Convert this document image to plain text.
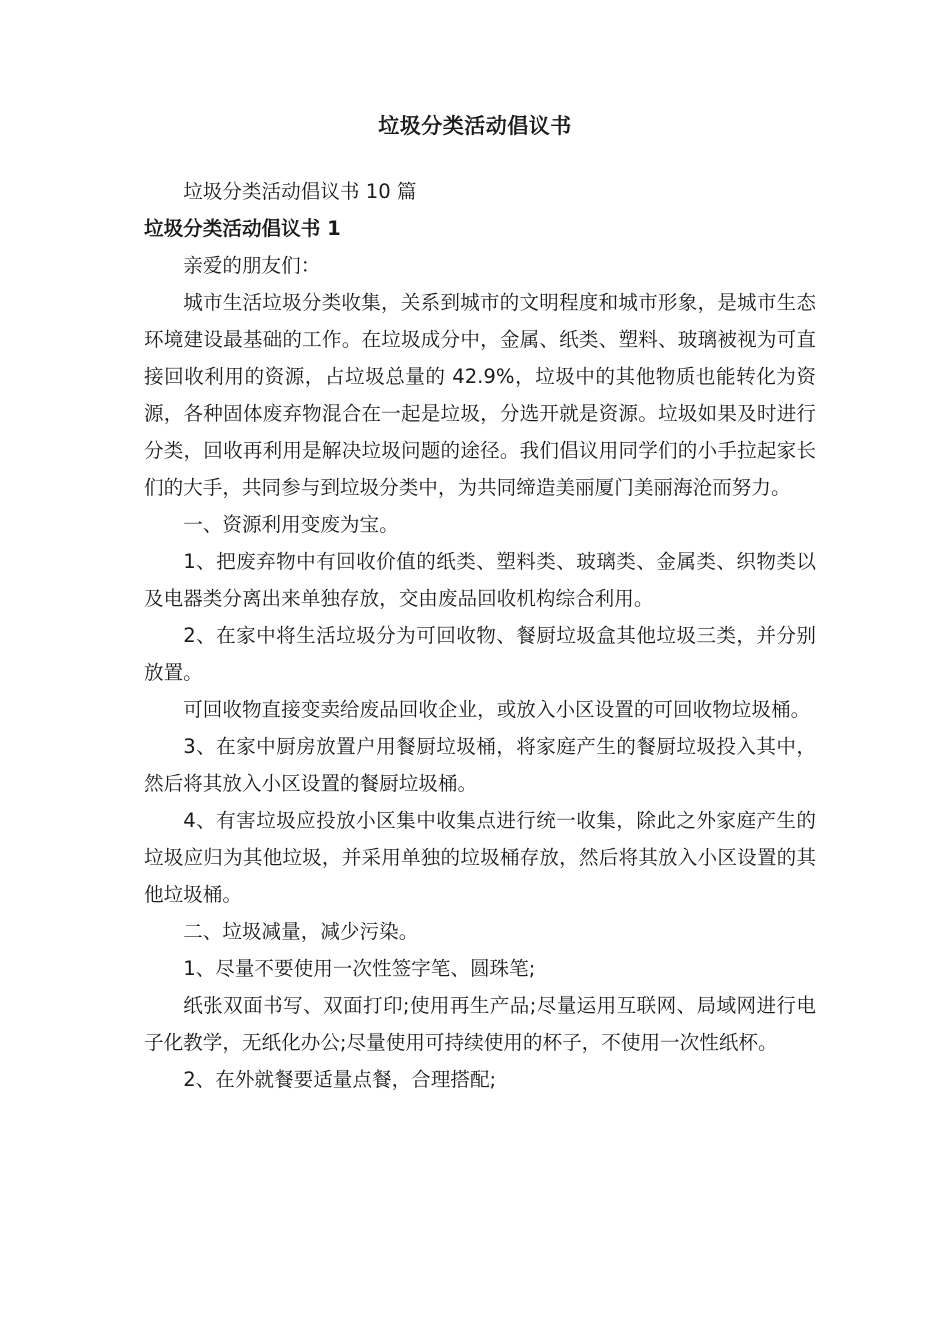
垃圾分类活动倡议书

垃圾分类活动倡议书 10 篇

垃圾分类活动倡议书 1

亲爱的朋友们：

城市生活垃圾分类收集，关系到城市的文明程度和城市形象，是城市生态环境建设最基础的工作。在垃圾成分中，金属、纸类、塑料、玻璃被视为可直接回收利用的资源，占垃圾总量的 42.9%，垃圾中的其他物质也能转化为资源，各种固体废弃物混合在一起是垃圾，分选开就是资源。垃圾如果及时进行分类，回收再利用是解决垃圾问题的途径。我们倡议用同学们的小手拉起家长们的大手，共同参与到垃圾分类中，为共同缔造美丽厦门美丽海沧而努力。

一、资源利用变废为宝。

1、把废弃物中有回收价值的纸类、塑料类、玻璃类、金属类、织物类以及电器类分离出来单独存放，交由废品回收机构综合利用。

2、在家中将生活垃圾分为可回收物、餐厨垃圾盒其他垃圾三类，并分别放置。

可回收物直接变卖给废品回收企业，或放入小区设置的可回收物垃圾桶。

3、在家中厨房放置户用餐厨垃圾桶，将家庭产生的餐厨垃圾投入其中，然后将其放入小区设置的餐厨垃圾桶。

4、有害垃圾应投放小区集中收集点进行统一收集，除此之外家庭产生的垃圾应归为其他垃圾，并采用单独的垃圾桶存放，然后将其放入小区设置的其他垃圾桶。

二、垃圾减量，减少污染。

1、尽量不要使用一次性签字笔、圆珠笔;

纸张双面书写、双面打印;使用再生产品;尽量运用互联网、局域网进行电子化教学，无纸化办公;尽量使用可持续使用的杯子，不使用一次性纸杯。

2、在外就餐要适量点餐，合理搭配;
